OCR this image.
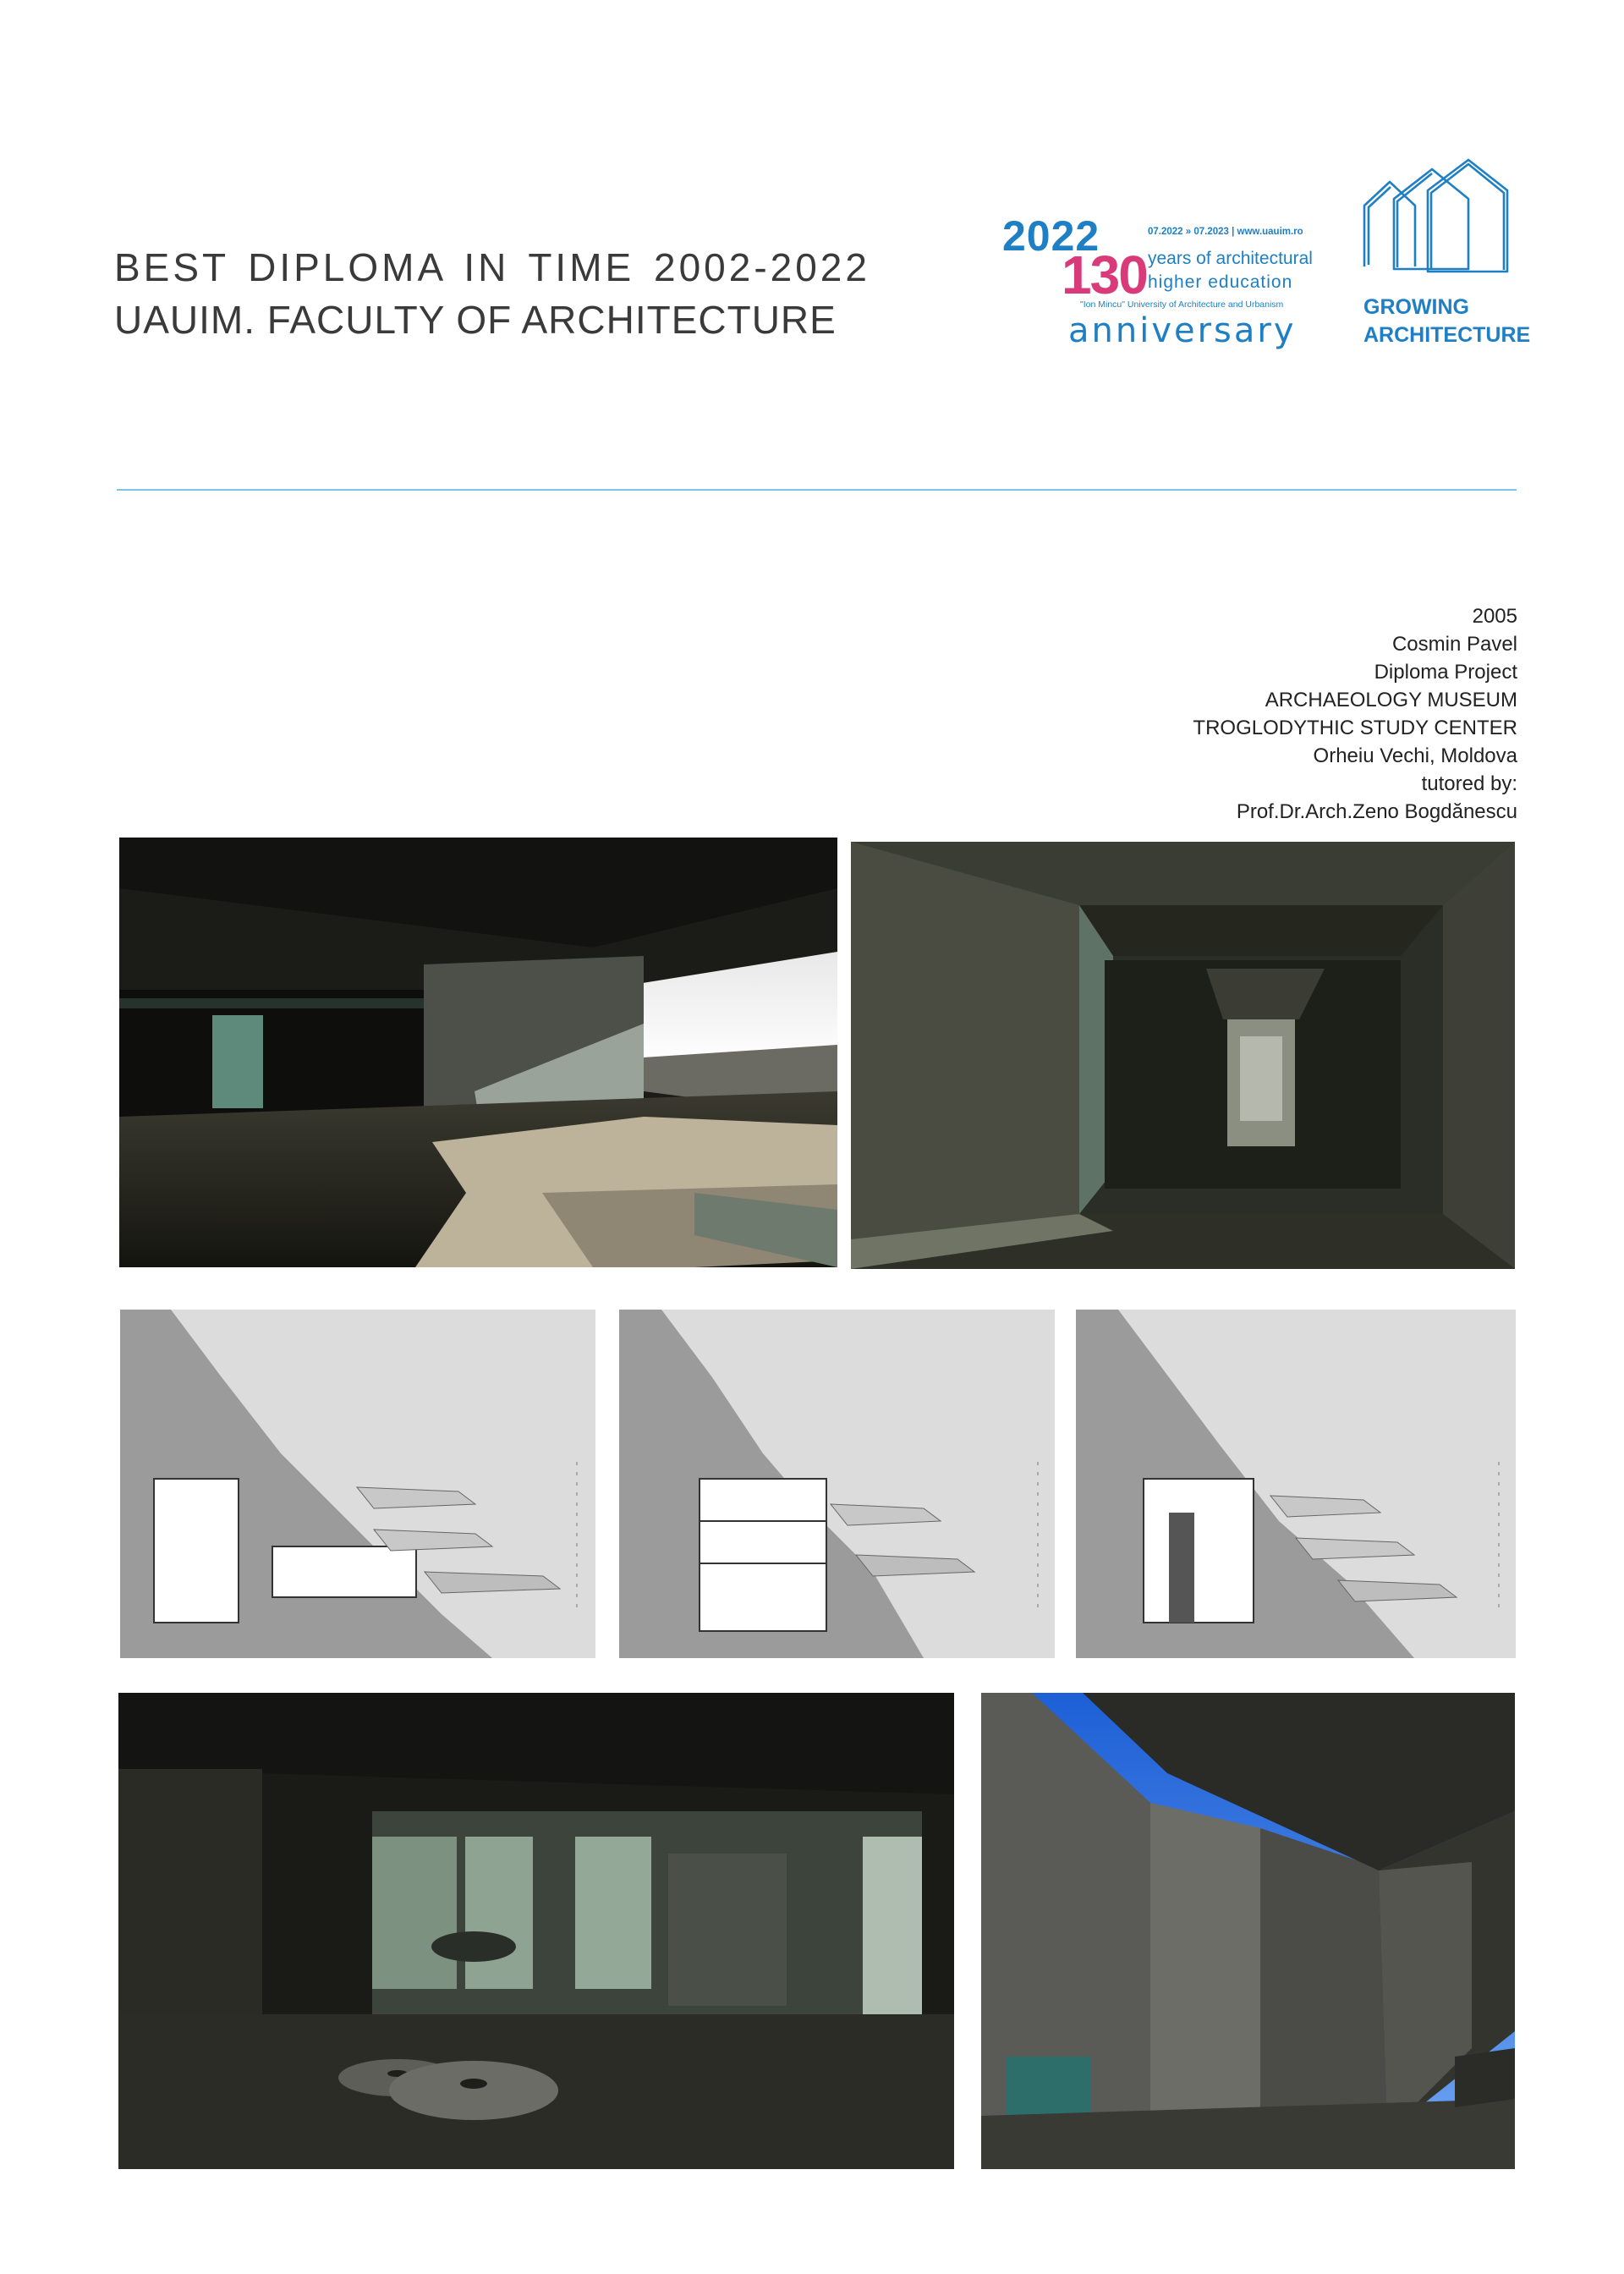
BEST DIPLOMA IN TIME 2002-2022
UAUIM. FACULTY OF ARCHITECTURE
2022
130
07.2022 » 07.2023 | www.uauim.ro
years of architectural
higher education
"Ion Mincu" University of Architecture and Urbanism
anniversary
GROWING
ARCHITECTURE
2005
Cosmin Pavel
Diploma Project
ARCHAEOLOGY MUSEUM
TROGLODYTHIC STUDY CENTER
Orheiu Vechi, Moldova
tutored by:
Prof.Dr.Arch.Zeno Bogdănescu
